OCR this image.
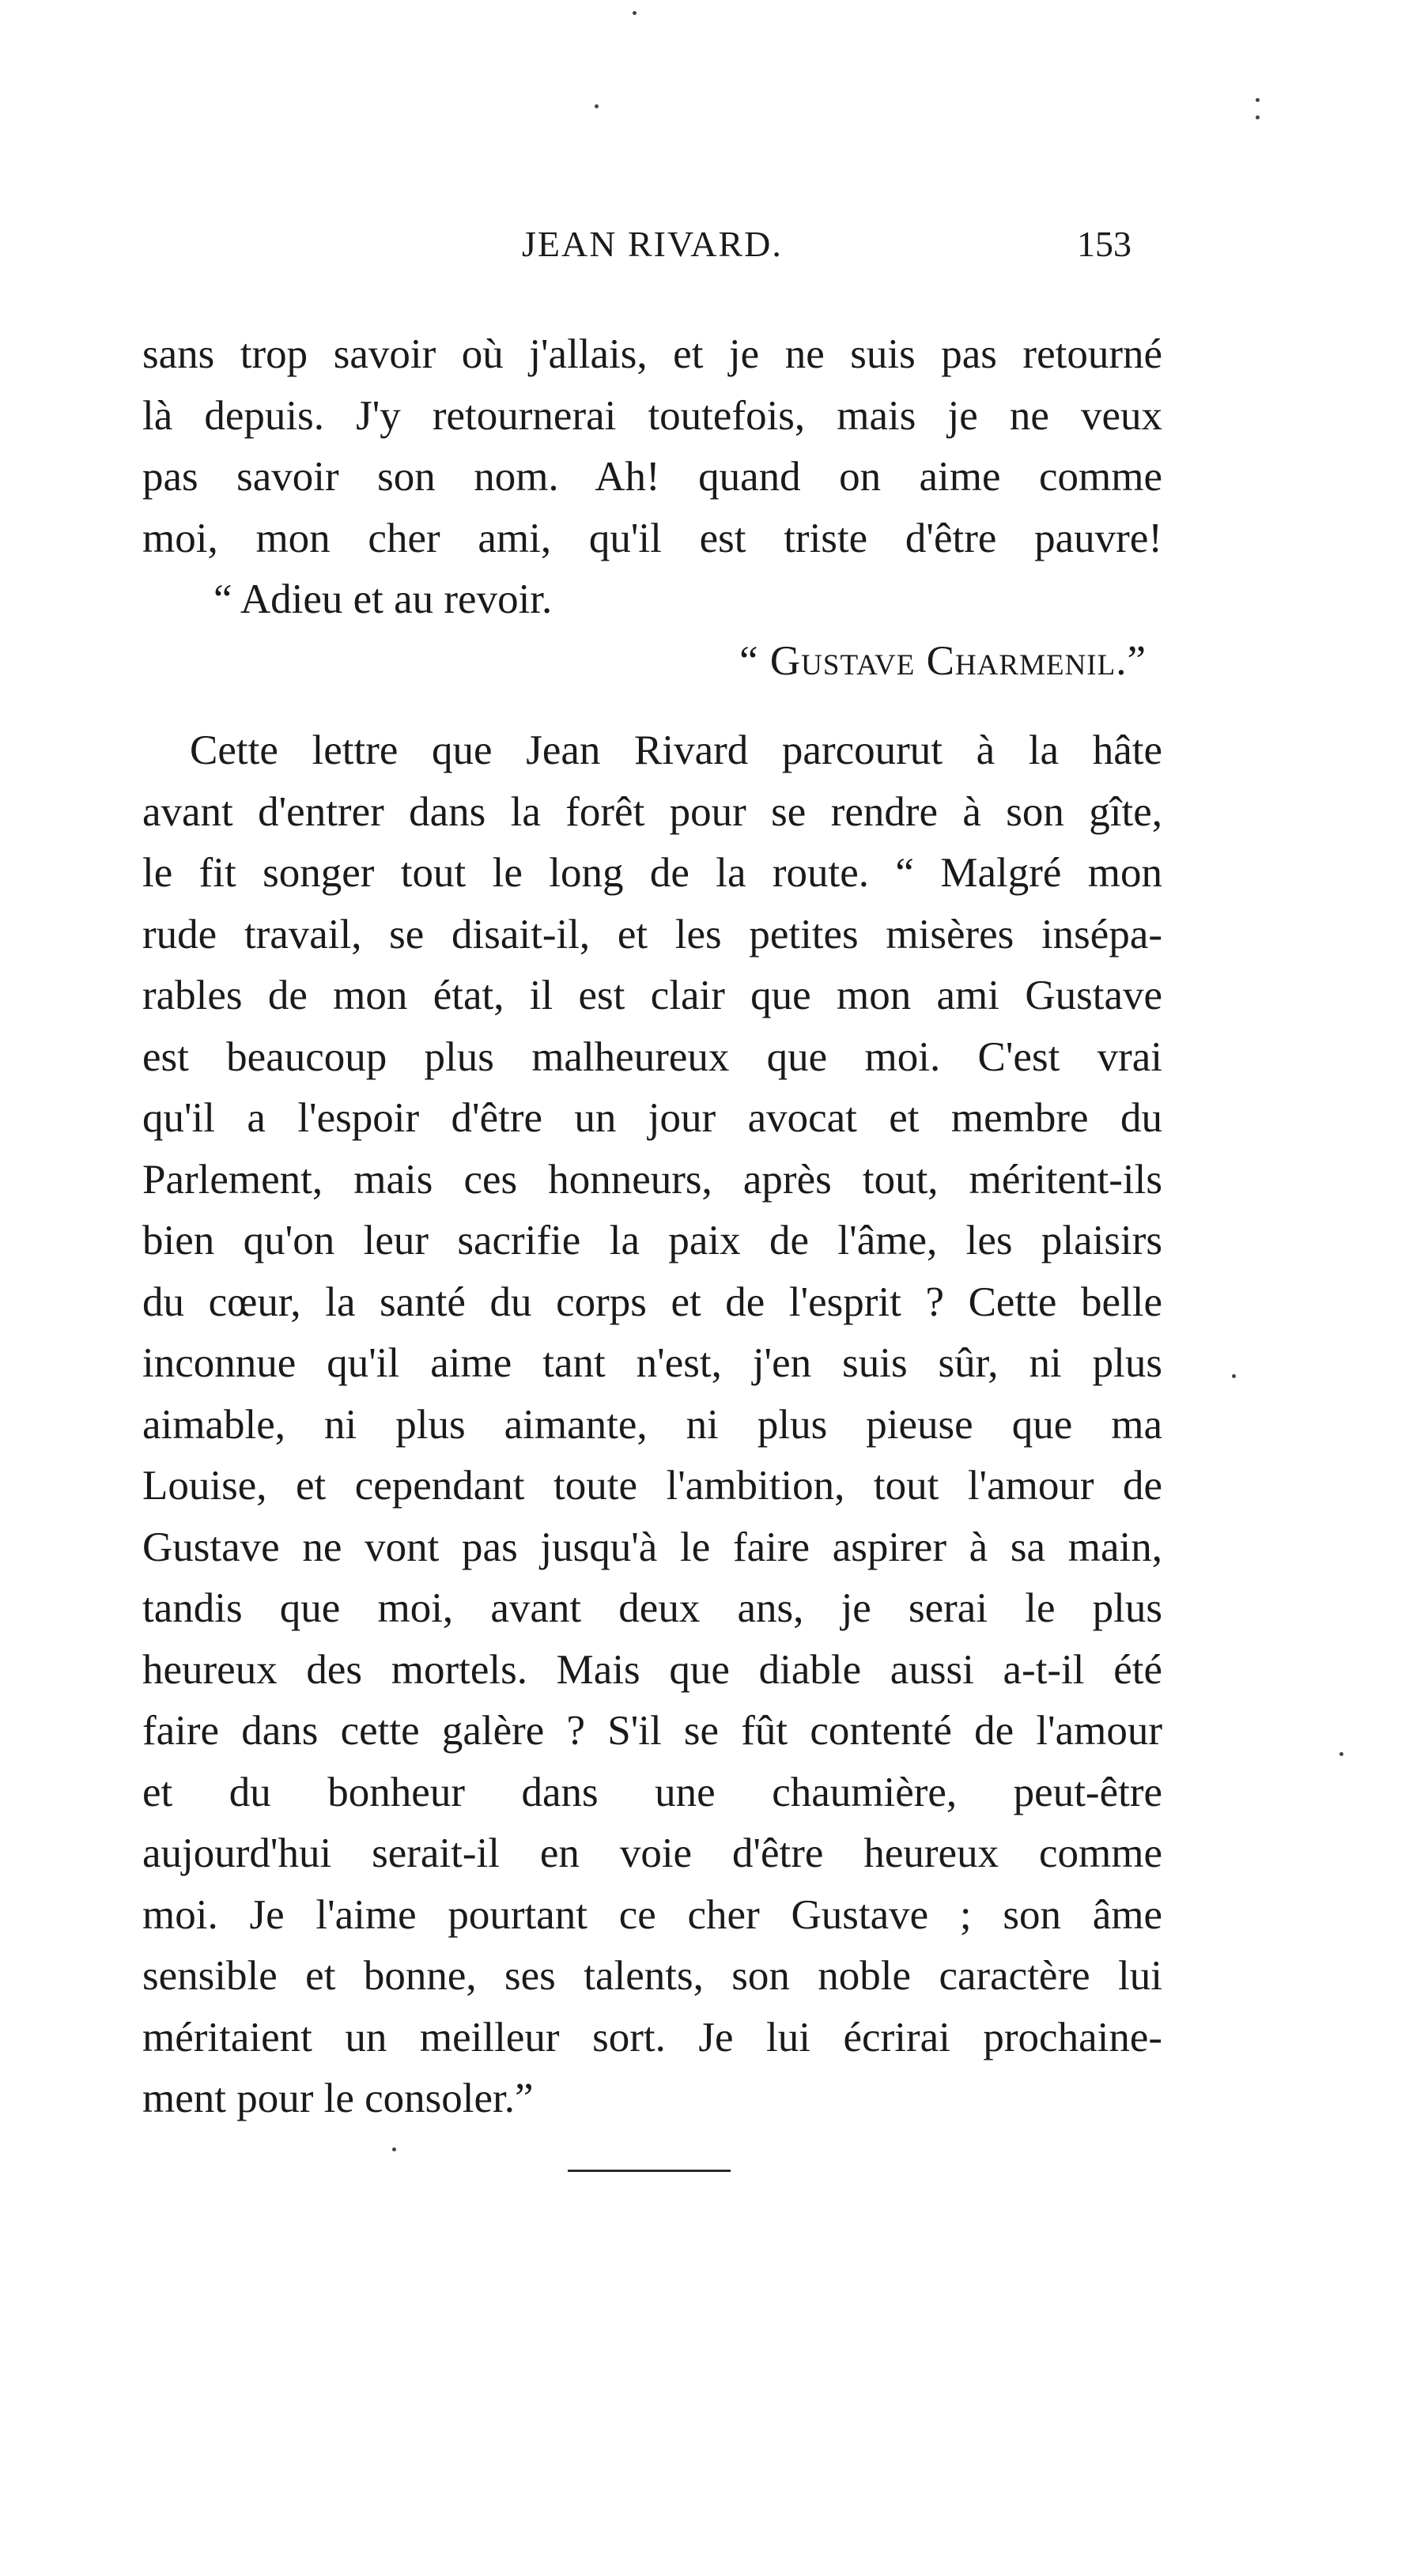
JEAN RIVARD.	153
sans trop savoir où j'allais, et je ne suis pas retourné
là depuis. J'y retournerai toutefois, mais je ne veux
pas savoir son nom. Ah! quand on aime comme
moi, mon cher ami, qu'il est triste d'être pauvre!
“ Adieu et au revoir.
“ Gustave Charmenil.”
Cette lettre que Jean Rivard parcourut à la hâte
avant d'entrer dans la forêt pour se rendre à son gîte,
le fit songer tout le long de la route. “ Malgré mon
rude travail, se disait-il, et les petites misères insépa-
rables de mon état, il est clair que mon ami Gustave
est beaucoup plus malheureux que moi. C'est vrai
qu'il a l'espoir d'être un jour avocat et membre du
Parlement, mais ces honneurs, après tout, méritent-ils
bien qu'on leur sacrifie la paix de l'âme, les plaisirs
du cœur, la santé du corps et de l'esprit ? Cette belle
inconnue qu'il aime tant n'est, j'en suis sûr, ni plus
aimable, ni plus aimante, ni plus pieuse que ma
Louise, et cependant toute l'ambition, tout l'amour de
Gustave ne vont pas jusqu'à le faire aspirer à sa main,
tandis que moi, avant deux ans, je serai le plus
heureux des mortels. Mais que diable aussi a-t-il été
faire dans cette galère ? S'il se fût contenté de l'amour
et du bonheur dans une chaumière, peut-être
aujourd'hui serait-il en voie d'être heureux comme
moi. Je l'aime pourtant ce cher Gustave ; son âme
sensible et bonne, ses talents, son noble caractère lui
méritaient un meilleur sort. Je lui écrirai prochaine-
ment pour le consoler.”
